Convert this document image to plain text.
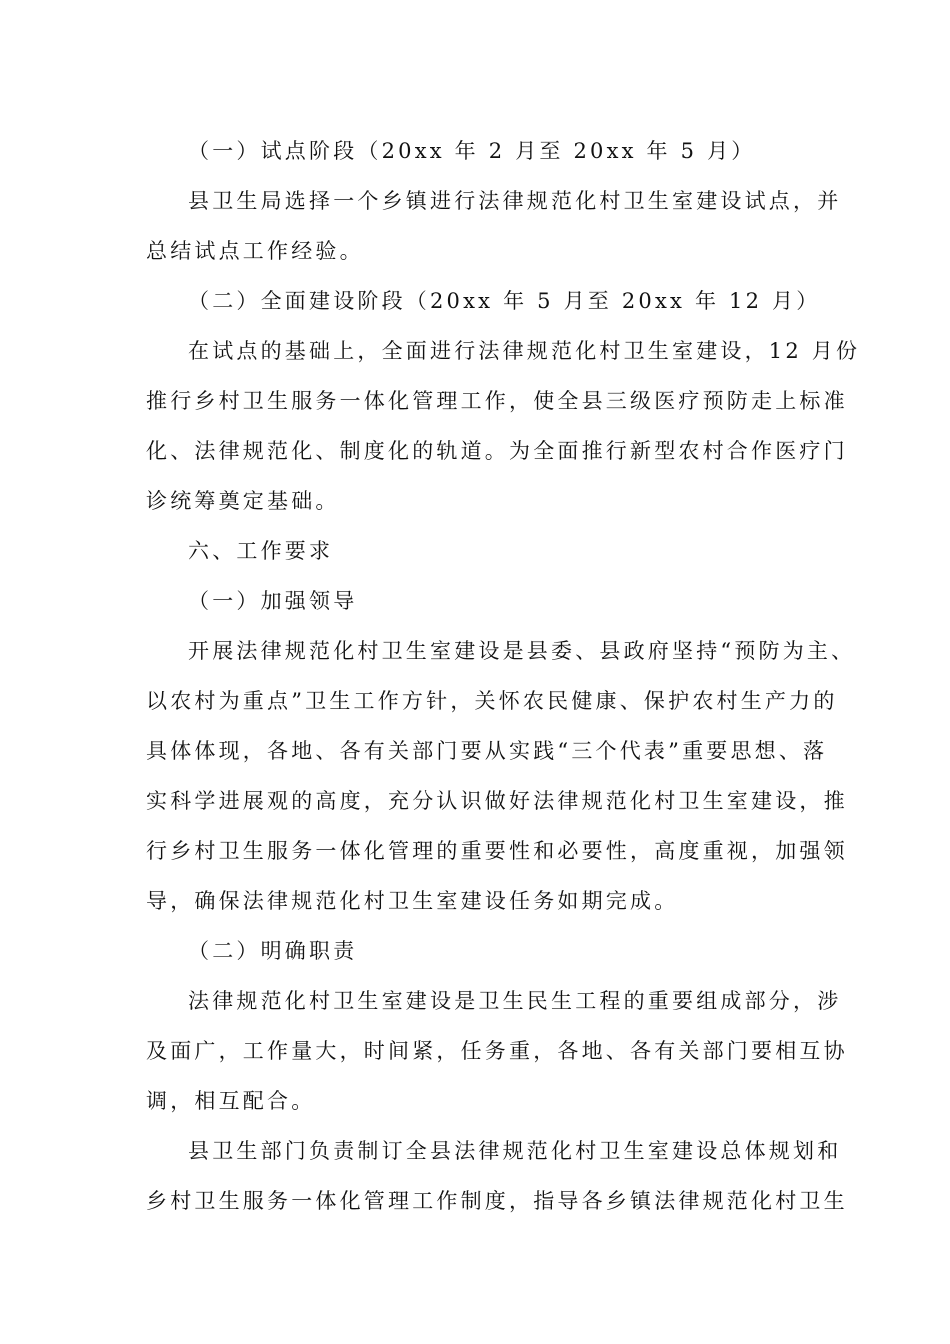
（一）试点阶段（20xx 年 2 月至 20xx 年 5 月）
县卫生局选择一个乡镇进行法律规范化村卫生室建设试点，并
总结试点工作经验。
（二）全面建设阶段（20xx 年 5 月至 20xx 年 12 月）
在试点的基础上，全面进行法律规范化村卫生室建设，12 月份
推行乡村卫生服务一体化管理工作，使全县三级医疗预防走上标准
化、法律规范化、制度化的轨道。为全面推行新型农村合作医疗门
诊统筹奠定基础。
六、工作要求
（一）加强领导
开展法律规范化村卫生室建设是县委、县政府坚持“预防为主、
以农村为重点”卫生工作方针，关怀农民健康、保护农村生产力的
具体体现，各地、各有关部门要从实践“三个代表”重要思想、落
实科学进展观的高度，充分认识做好法律规范化村卫生室建设，推
行乡村卫生服务一体化管理的重要性和必要性，高度重视，加强领
导，确保法律规范化村卫生室建设任务如期完成。
（二）明确职责
法律规范化村卫生室建设是卫生民生工程的重要组成部分，涉
及面广，工作量大，时间紧，任务重，各地、各有关部门要相互协
调，相互配合。
县卫生部门负责制订全县法律规范化村卫生室建设总体规划和
乡村卫生服务一体化管理工作制度，指导各乡镇法律规范化村卫生
